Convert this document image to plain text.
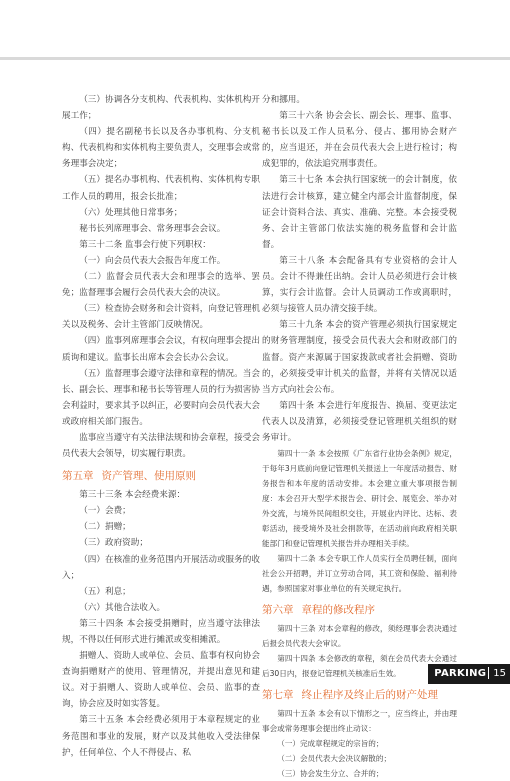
（三）协调各分支机构、代表机构、实体机构开展工作；

（四）提名副秘书长以及各办事机构、分支机构、代表机构和实体机构主要负责人，交理事会或常务理事会决定；

（五）提名办事机构、代表机构、实体机构专职工作人员的聘用，报会长批准；

（六）处理其他日常事务；

秘书长列席理事会、常务理事会会议。

第三十二条 监事会行使下列职权：

（一）向会员代表大会报告年度工作。

（二）监督会员代表大会和理事会的选举、罢免；监督理事会履行会员代表大会的决议。

（三）检查协会财务和会计资料，向登记管理机关以及税务、会计主管部门反映情况。

（四）监事列席理事会会议，有权向理事会提出质询和建议。监事长出席本会会长办公会议。

（五）监督理事会遵守法律和章程的情况。当会长、副会长、理事和秘书长等管理人员的行为损害协会利益时，要求其予以纠正，必要时向会员代表大会或政府相关部门报告。

监事应当遵守有关法律法规和协会章程，接受会员代表大会领导，切实履行职责。

第五章 资产管理、使用原则

第三十三条 本会经费来源：

（一）会费；

（二）捐赠；

（三）政府资助；

（四）在核准的业务范围内开展活动或服务的收入；

（五）利息；

（六）其他合法收入。

第三十四条 本会接受捐赠时，应当遵守法律法规，不得以任何形式进行摊派或变相摊派。

捐赠人、资助人或单位、会员、监事有权向协会查询捐赠财产的使用、管理情况，并提出意见和建议。对于捐赠人、资助人或单位、会员、监事的查询，协会应及时如实答复。

第三十五条 本会经费必须用于本章程规定的业务范围和事业的发展，财产以及其他收入受法律保护，任何单位、个人不得侵占、私

分和挪用。

第三十六条 协会会长、副会长、理事、监事、秘书长以及工作人员私分、侵占、挪用协会财产的，应当退还，并在会员代表大会上进行检讨；构成犯罪的，依法追究刑事责任。

第三十七条 本会执行国家统一的会计制度，依法进行会计核算，建立健全内部会计监督制度，保证会计资料合法、真实、准确、完整。本会接受税务、会计主管部门依法实施的税务监督和会计监督。

第三十八条 本会配备具有专业资格的会计人员。会计不得兼任出纳。会计人员必须进行会计核算，实行会计监督。会计人员调动工作或离职时，必须与接管人员办清交接手续。

第三十九条 本会的资产管理必须执行国家规定的财务管理制度，接受会员代表大会和财政部门的监督。资产来源属于国家拨款或者社会捐赠、资助的，必须接受审计机关的监督，并将有关情况以适当方式向社会公布。

第四十条 本会进行年度报告、换届、变更法定代表人以及清算，必须接受登记管理机关组织的财务审计。

第四十一条 本会按照《广东省行业协会条例》规定，于每年3月底前向登记管理机关报送上一年度活动报告、财务报告和本年度的活动安排。本会建立重大事项报告制度：本会召开大型学术报告会、研讨会、展览会、举办对外交流，与境外民间组织交往，开展业内评比、达标、表彰活动，接受境外及社会捐款等，在活动前向政府相关职能部门和登记管理机关报告并办理相关手续。

第四十二条 本会专职工作人员实行全员聘任制，面向社会公开招聘，并订立劳动合同，其工资和保险、福利待遇，参照国家对事业单位的有关规定执行。

第六章 章程的修改程序

第四十三条 对本会章程的修改，须经理事会表决通过后报会员代表大会审议。

第四十四条 本会修改的章程，须在会员代表大会通过后30日内，报登记管理机关核准后生效。

第七章 终止程序及终止后的财产处理

第四十五条 本会有以下情形之一，应当终止，并由理事会或常务理事会提出终止动议：

（一）完成章程规定的宗旨的；

（二）会员代表大会决议解散的；

（三）协会发生分立、合并的；

PARKING 15
